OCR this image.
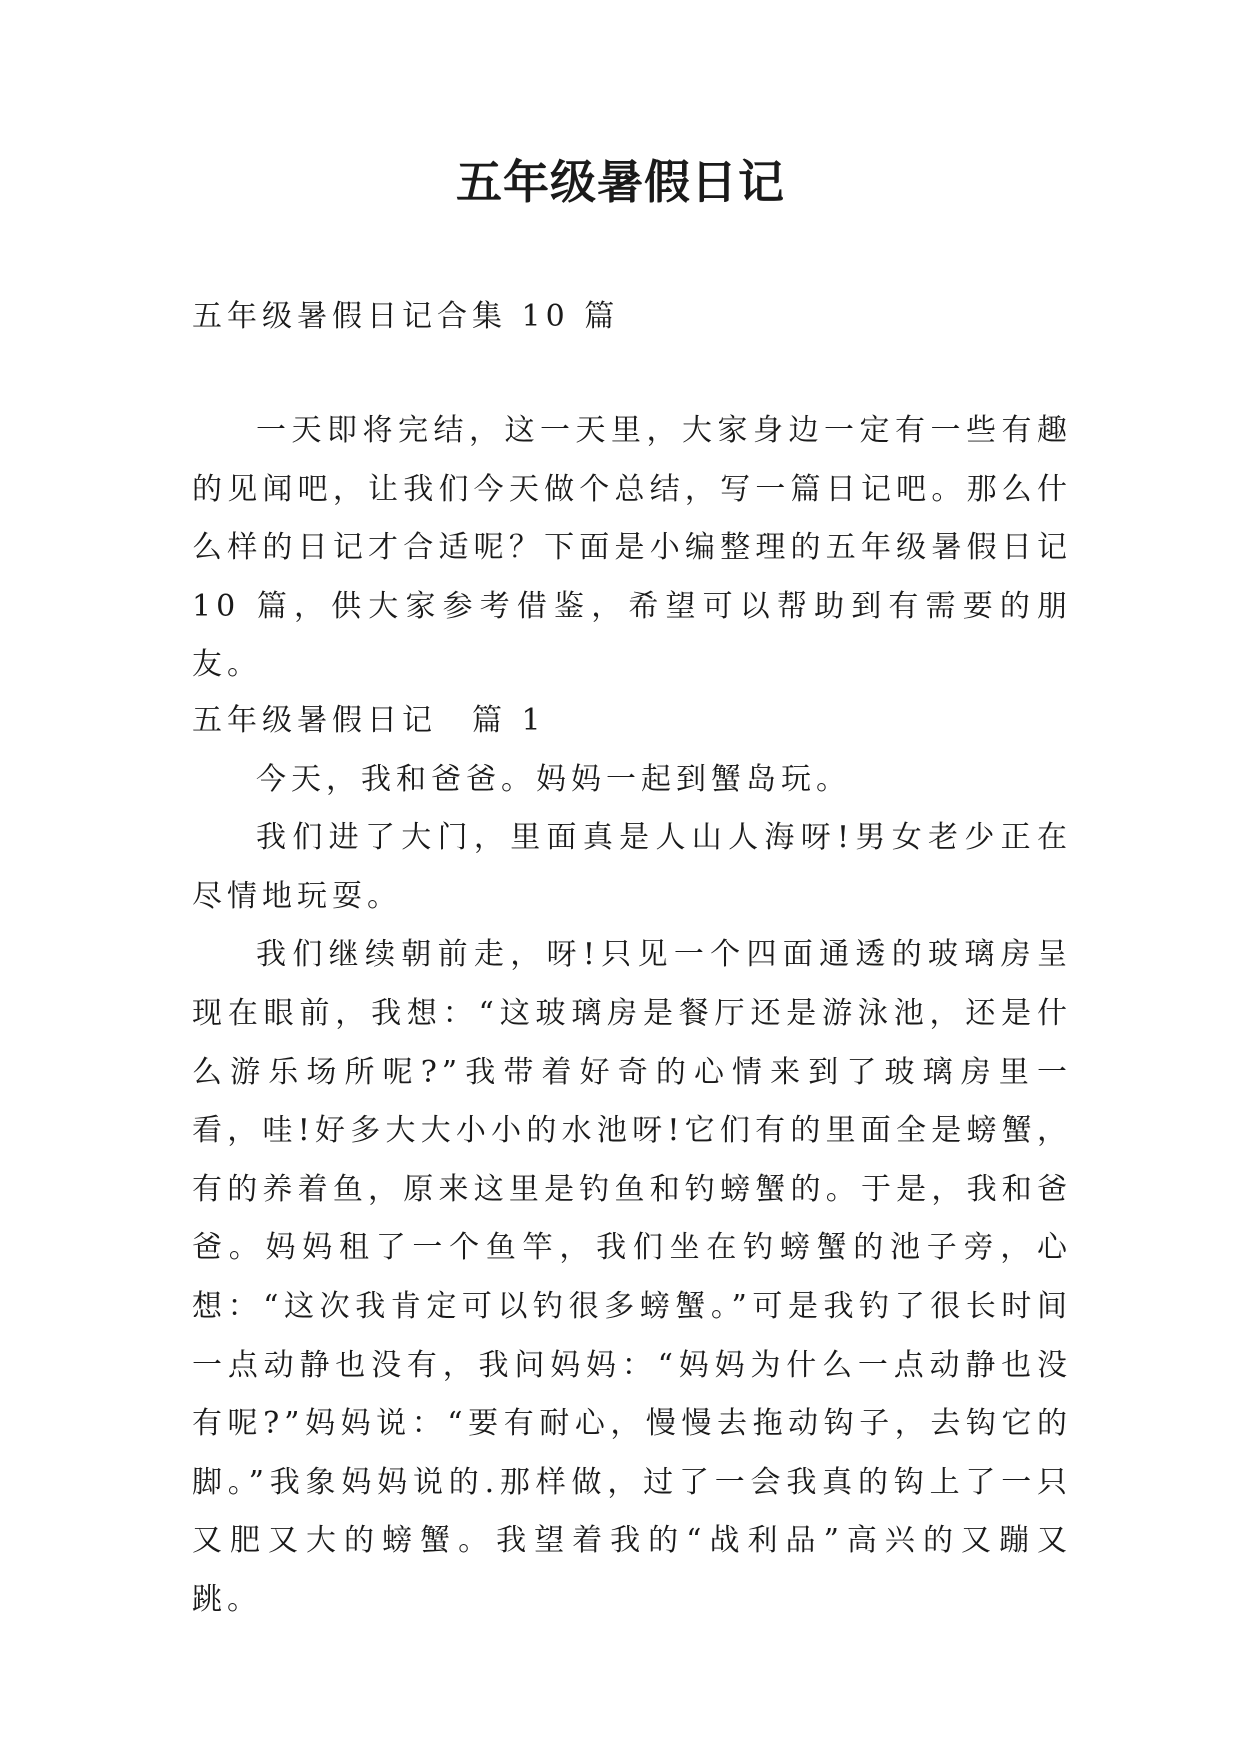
五年级暑假日记

五年级暑假日记合集 10 篇

一天即将完结，这一天里，大家身边一定有一些有趣的见闻吧，让我们今天做个总结，写一篇日记吧。那么什么样的日记才合适呢？下面是小编整理的五年级暑假日记 10 篇，供大家参考借鉴，希望可以帮助到有需要的朋友。

五年级暑假日记　篇 1

今天，我和爸爸。妈妈一起到蟹岛玩。

我们进了大门，里面真是人山人海呀!男女老少正在尽情地玩耍。

我们继续朝前走，呀!只见一个四面通透的玻璃房呈现在眼前，我想：“这玻璃房是餐厅还是游泳池，还是什么游乐场所呢?”我带着好奇的心情来到了玻璃房里一看，哇!好多大大小小的水池呀!它们有的里面全是螃蟹，有的养着鱼，原来这里是钓鱼和钓螃蟹的。于是，我和爸爸。妈妈租了一个鱼竿，我们坐在钓螃蟹的池子旁，心想：“这次我肯定可以钓很多螃蟹。”可是我钓了很长时间一点动静也没有，我问妈妈：“妈妈为什么一点动静也没有呢?”妈妈说：“要有耐心，慢慢去拖动钩子，去钩它的脚。”我象妈妈说的.那样做，过了一会我真的钩上了一只又肥又大的螃蟹。我望着我的“战利品”高兴的又蹦又跳。
